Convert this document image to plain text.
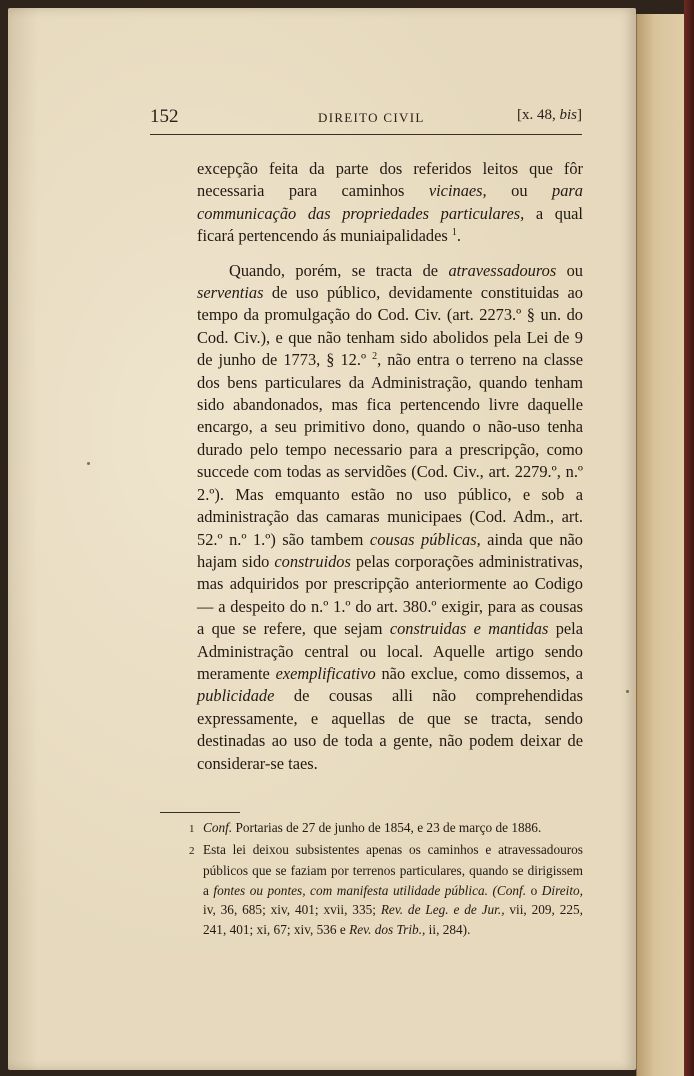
152	DIREITO CIVIL	[x. 48, bis]

excepção feita da parte dos referidos leitos que fôr necessaria para caminhos vicinaes, ou para communicação das propriedades particulares, a qual ficará pertencendo ás muniaipalidades $^1$.

Quando, porém, se tracta de atravessadouros ou serventias de uso público, devidamente constituidas ao tempo da promulgação do Cod. Civ. (art. 2273.º § un. do Cod. Civ.), e que não tenham sido abolidos pela Lei de 9 de junho de 1773, § 12.º $^2$, não entra o terreno na classe dos bens particulares da Administração, quando tenham sido abandonados, mas fica pertencendo livre daquelle encargo, a seu primitivo dono, quando o não-uso tenha durado pelo tempo necessario para a prescripção, como succede com todas as servidões (Cod. Civ., art. 2279.º, n.º 2.º). Mas emquanto estão no uso público, e sob a administração das camaras municipaes (Cod. Adm., art. 52.º n.º 1.º) são tambem cousas públicas, ainda que não hajam sido construidos pelas corporações administrativas, mas adquiridos por prescripção anteriormente ao Codigo — a despeito do n.º 1.º do art. 380.º exigir, para as cousas a que se refere, que sejam construidas e mantidas pela Administração central ou local. Aquelle artigo sendo meramente exemplificativo não exclue, como dissemos, a publicidade de cousas alli não comprehendidas expressamente, e aquellas de que se tracta, sendo destinadas ao uso de toda a gente, não podem deixar de considerar-se taes.

1 Conf. Portarias de 27 de junho de 1854, e 23 de março de 1886.

2 Esta lei deixou subsistentes apenas os caminhos e atravessadouros públicos que se faziam por terrenos particulares, quando se dirigissem a fontes ou pontes, com manifesta utilidade pública. (Conf. o Direito, iv, 36, 685; xiv, 401; xvii, 335; Rev. de Leg. e de Jur., vii, 209, 225, 241, 401; xi, 67; xiv, 536 e Rev. dos Trib., ii, 284).
